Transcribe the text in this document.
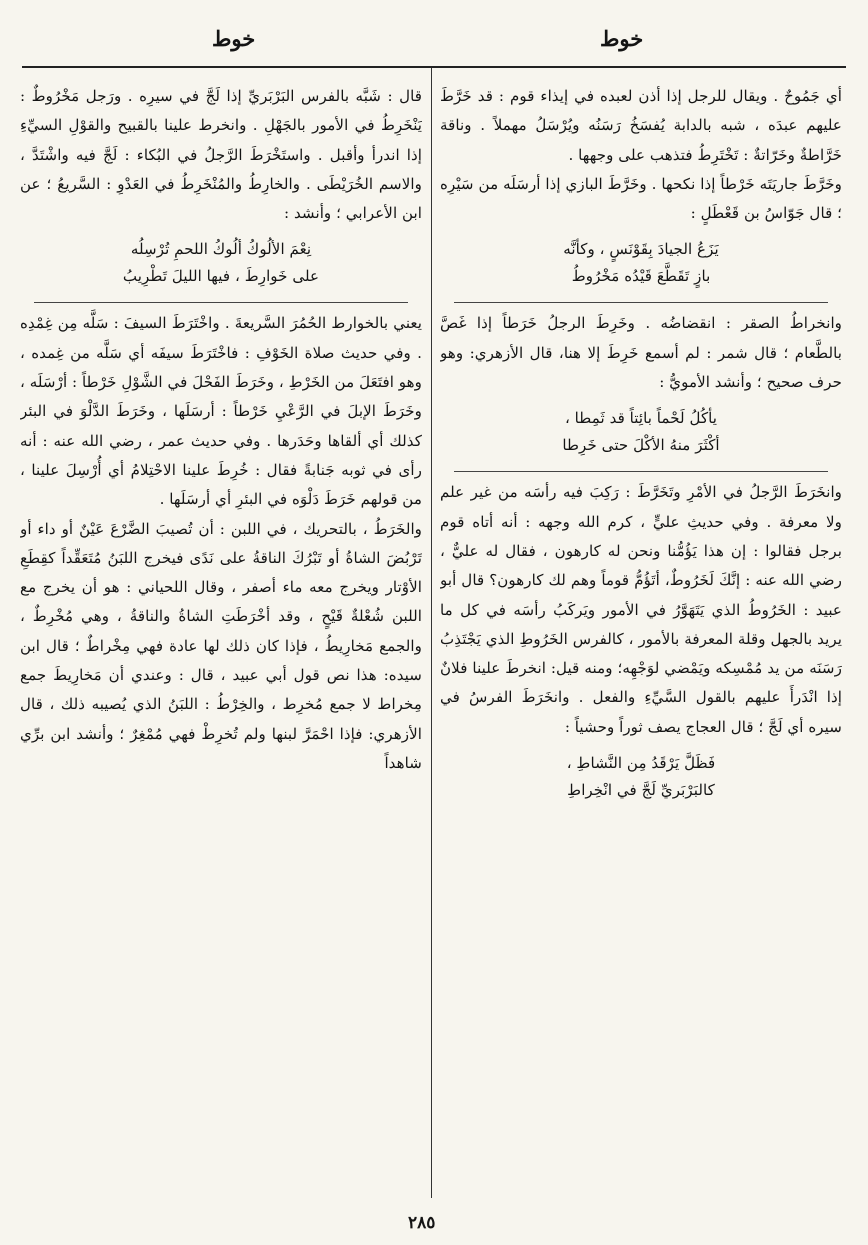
خوط
خوط

أي جَمُوحٌ . ويقال للرجل إذا أذن لعبده في إيذاء قوم : قد خَرَّطَ عليهم عبدَه ، شبه بالدابة يُفسَخُ رَسَنُه ويُرْسَلُ مهملاً . وناقة خَرَّاطةٌ وخَرّاتةٌ : تَخْتَرِطُ فتذهب على وجهها .

وخَرَّطَ جاريَتَه خَرْطاً إذا نكحها . وخَرَّطَ البازي إذا أرسَلَه من سَيْرِه ؛ قال جَوّاسُ بن قَعْطَلٍ :

يَزَعُ الجيادَ بِقَوْنَسٍ ، وكأنَّه
بازٍ تَقَطَّعَ قَيْدُه مَخْرُوطُ

وانخراطُ الصقر : انقضاضُه . وخَرِطَ الرجلُ خَرَطاً إذا غَصَّ بالطَّعام ؛ قال شمر : لم أسمع خَرِطَ إلا هنا، قال الأزهري: وهو حرف صحيح ؛ وأنشد الأمويُّ :

يأكُلُ لَحْماً بائِتاً قد ثَمِطا ،
أكْثَرَ منهُ الأكْلَ حتى خَرِطا

وانخَرَطَ الرَّجلُ في الأمْرِ وتَخَرَّطَ : رَكِبَ فيه رأسَه من غير علم ولا معرفة . وفي حديثِ عليٍّ ، كرم الله وجهه : أنه أتاه قوم برجل فقالوا : إن هذا يَؤُمُّنا ونحن له كارهون ، فقال له عليٌّ ، رضي الله عنه : إنَّكَ لَخَرُوطٌ، أتَؤُمُّ قوماً وهم لك كارهون؟ قال أبو عبيد : الخَرُوطُ الذي يَتَهَوَّرُ في الأمور ويَركَبُ رأسَه في كل ما يريد بالجهل وقلة المعرفة بالأمور ، كالفرس الخَرُوطِ الذي يَجْتَذِبُ رَسَنَه من يد مُمْسِكه ويَمْضي لوَجْهِه؛ ومنه قيل: انخرطَ علينا فلانٌ إذا انْدَرأَ عليهم بالقول السَّيِّءِ والفعل . وانخَرَطَ الفرسُ في سيره أي لَجَّ ؛ قال العجاج يصف ثوراً وحشياً :

فَظَلَّ يَرْقَدُ مِن النَّشاطِ ،
كالبَرْبَريِّ لَجَّ في انْخِراطِ

قال : شَبَّه بالفرس البَرْبَريِّ إذا لَجَّ في سيرِه . ورَجل مَخْرُوطٌ : يَنْخَرِطُ في الأمور بالجَهْلِ . وانخرط علينا بالقبيح والقوْلِ السيِّءِ إذا اندرأ وأقبل . واستَخْرَطَ الرَّجلُ في البُكاء : لَجَّ فيه واشْتَدَّ ، والاسم الخُرَيْطَى . والخارِطُ والمُنْخَرِطُ في العَدْوِ : السَّريعُ ؛ عن ابن الأعرابي ؛ وأنشد :

نِعْمَ الألُوكُ ألُوكُ اللحمِ تُرْسِلُه
على خَوارِطَ ، فيها الليلَ تَطْرِيبُ

يعني بالخوارط الحُمُرَ السَّريعةَ . واخْتَرَطَ السيفَ : سَلَّه مِن غِمْدِه . وفي حديث صلاة الخَوْفِ : فاخْتَرَطَ سيفَه أي سَلَّه من غِمده ، وهو افتَعَلَ من الخَرْطِ ، وخَرَطَ الفَحْلَ في الشَّوْلِ خَرْطاً : أرْسَلَه ، وخَرَطَ الإبلَ في الرَّعْيِ خَرْطاً : أرسَلَها ، وخَرَطَ الدَّلْوَ في البئر كذلك أي ألقاها وحَدَرها . وفي حديث عمر ، رضي الله عنه : أنه رأى في ثوبه جَنابةً فقال : خُرِطَ علينا الاحْتِلامُ أي أُرْسِلَ علينا ، من قولهم خَرَطَ دَلْوَه في البئرِ أي أرسَلَها .

والخَرَطُ ، بالتحريك ، في اللبن : أن تُصيبَ الضَّرْعَ عَيْنٌ أو داء أو تَرْبُضَ الشاةُ أو تَبْرُكَ الناقةُ على نَدًى فيخرج اللبَنُ مُتَعَقِّداً كقِطَعِ الأوْتار ويخرج معه ماء أصفر ، وقال اللحياني : هو أن يخرج مع اللبن شُعْلةٌ قَيْحٍ ، وقد أخْرَطَتِ الشاةُ والناقةُ ، وهي مُخْرِطٌ ، والجمع مَخارِيطُ ، فإذا كان ذلك لها عادة فهي مِخْراطٌ ؛ قال ابن سيده: هذا نص قول أبي عبيد ، قال : وعندي أن مَخارِيطَ جمع مِخراط لا جمع مُخرِط ، والخِرْطُ : اللبَنُ الذي يُصيبه ذلك ، قال الأزهري: فإذا احْمَرَّ لبنها ولم تُخرِطْ فهي مُمْغِرٌ ؛ وأنشد ابن برِّي شاهداً

٢٨٥
